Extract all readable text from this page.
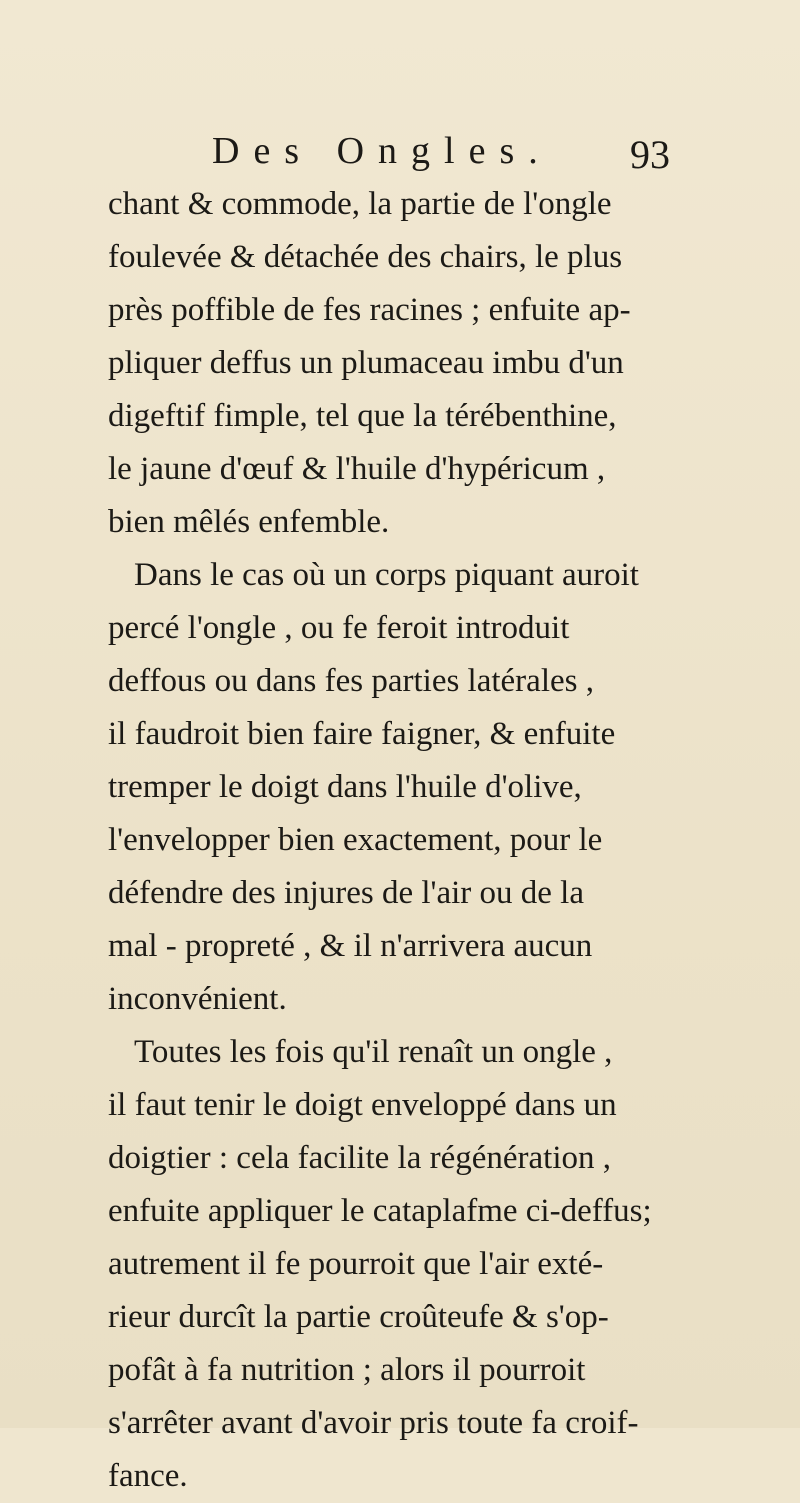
Des Ongles. 93
chant & commode, la partie de l'ongle
foulevée & détachée des chairs, le plus
près poffible de fes racines ; enfuite ap-
pliquer deffus un plumaceau imbu d'un
digeftif fimple, tel que la térébenthine,
le jaune d'œuf & l'huile d'hypéricum ,
bien mêlés enfemble.
Dans le cas où un corps piquant auroit
percé l'ongle , ou fe feroit introduit
deffous ou dans fes parties latérales ,
il faudroit bien faire faigner, & enfuite
tremper le doigt dans l'huile d'olive,
l'envelopper bien exactement, pour le
défendre des injures de l'air ou de la
mal - propreté , & il n'arrivera aucun
inconvénient.
Toutes les fois qu'il renaît un ongle ,
il faut tenir le doigt enveloppé dans un
doigtier : cela facilite la régénération ,
enfuite appliquer le cataplafme ci-deffus;
autrement il fe pourroit que l'air exté-
rieur durcît la partie croûteufe & s'op-
pofât à fa nutrition ; alors il pourroit
s'arrêter avant d'avoir pris toute fa croif-
fance.
